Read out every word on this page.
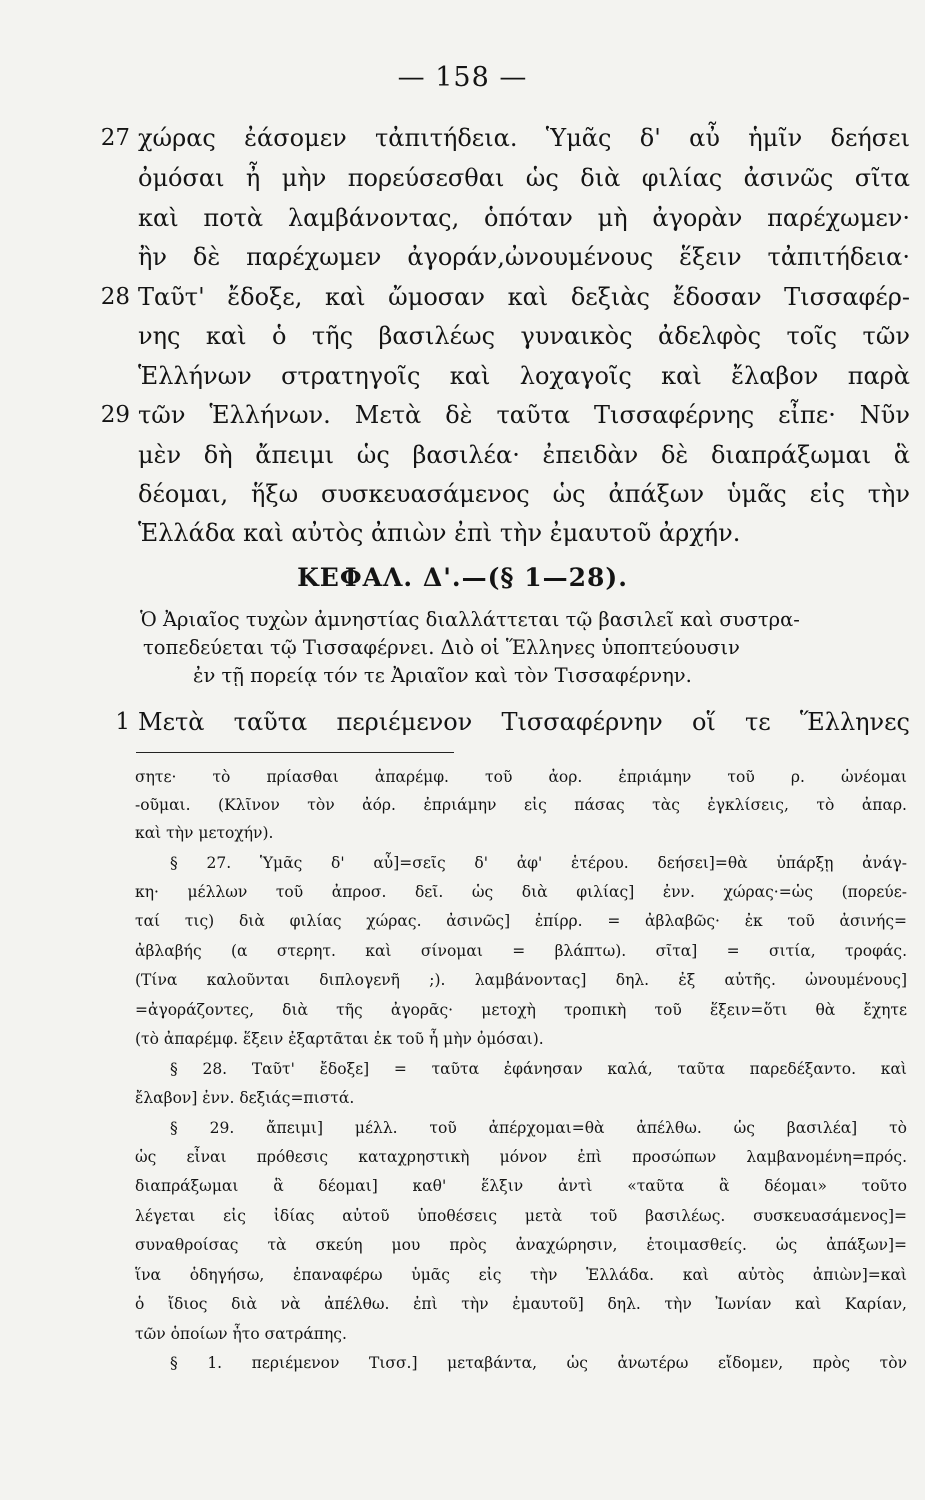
— 158 —
27 χώρας ἐάσομεν τἀπιτήδεια. Ὑμᾶς δ' αὖ ἡμῖν δεήσει
ὀμόσαι ἦ μὴν πορεύσεσθαι ὡς διὰ φιλίας ἀσινῶς σῖτα
καὶ ποτὰ λαμβάνοντας, ὁπόταν μὴ ἀγορὰν παρέχωμεν·
ἢν δὲ παρέχωμεν ἀγοράν,ὠνουμένους ἕξειν τἀπιτήδεια·
28 Ταῦτ' ἔδοξε, καὶ ὤμοσαν καὶ δεξιὰς ἔδοσαν Τισσαφέρ-
νης καὶ ὁ τῆς βασιλέως γυναικὸς ἀδελφὸς τοῖς τῶν
Ἑλλήνων στρατηγοῖς καὶ λοχαγοῖς καὶ ἔλαβον παρὰ
29 τῶν Ἑλλήνων. Μετὰ δὲ ταῦτα Τισσαφέρνης εἶπε· Νῦν
μὲν δὴ ἄπειμι ὡς βασιλέα· ἐπειδὰν δὲ διαπράξωμαι ἃ
δέομαι, ἥξω συσκευασάμενος ὡς ἀπάξων ὑμᾶς εἰς τὴν
Ἑλλάδα καὶ αὐτὸς ἀπιὼν ἐπὶ τὴν ἐμαυτοῦ ἀρχήν.
ΚΕΦΑΛ. Δ'.—(§ 1—28).
Ὁ Ἀριαῖος τυχὼν ἀμνηστίας διαλλάττεται τῷ βασιλεῖ καὶ συστρα-
τοπεδεύεται τῷ Τισσαφέρνει. Διὸ οἱ Ἕλληνες ὑποπτεύουσιν
ἐν τῇ πορείᾳ τόν τε Ἀριαῖον καὶ τὸν Τισσαφέρνην.
1 Μετὰ ταῦτα περιέμενον Τισσαφέρνην οἵ τε Ἕλληνες
σητε· τὸ πρίασθαι ἀπαρέμφ. τοῦ ἀορ. ἐπριάμην τοῦ ρ. ὠνέομαι
-οῦμαι. (Κλῖνον τὸν ἀόρ. ἐπριάμην εἰς πάσας τὰς ἐγκλίσεις, τὸ ἀπαρ.
καὶ τὴν μετοχήν).
§ 27. Ὑμᾶς δ' αὖ]=σεῖς δ' ἀφ' ἑτέρου. δεήσει]=θὰ ὑπάρξῃ ἀνάγ-
κη· μέλλων τοῦ ἀπροσ. δεῖ. ὡς διὰ φιλίας] ἐνν. χώρας·=ὡς (πορεύε-
ταί τις) διὰ φιλίας χώρας. ἀσινῶς] ἐπίρρ. = ἀβλαβῶς· ἐκ τοῦ ἀσινής=
ἀβλαβής (α στερητ. καὶ σίνομαι = βλάπτω). σῖτα] = σιτία, τροφάς.
(Τίνα καλοῦνται διπλογενῆ ;). λαμβάνοντας] δηλ. ἐξ αὐτῆς. ὠνουμένους]
=ἀγοράζοντες, διὰ τῆς ἀγορᾶς· μετοχὴ τροπικὴ τοῦ ἕξειν=ὅτι θὰ ἔχητε
(τὸ ἀπαρέμφ. ἕξειν ἐξαρτᾶται ἐκ τοῦ ἦ μὴν ὀμόσαι).
§ 28. Ταῦτ' ἔδοξε] = ταῦτα ἐφάνησαν καλά, ταῦτα παρεδέξαντο. καὶ
ἔλαβον] ἐνν. δεξιάς=πιστά.
§ 29. ἄπειμι] μέλλ. τοῦ ἀπέρχομαι=θὰ ἀπέλθω. ὡς βασιλέα] τὸ
ὡς εἶναι πρόθεσις καταχρηστικὴ μόνον ἐπὶ προσώπων λαμβανομένη=πρός.
διαπράξωμαι ἃ δέομαι] καθ' ἕλξιν ἀντὶ «ταῦτα ἃ δέομαι» τοῦτο
λέγεται εἰς ἰδίας αὐτοῦ ὑποθέσεις μετὰ τοῦ βασιλέως. συσκευασάμενος]=
συναθροίσας τὰ σκεύη μου πρὸς ἀναχώρησιν, ἑτοιμασθείς. ὡς ἀπάξων]=
ἵνα ὁδηγήσω, ἐπαναφέρω ὑμᾶς εἰς τὴν Ἑλλάδα. καὶ αὐτὸς ἀπιὼν]=καὶ
ὁ ἴδιος διὰ νὰ ἀπέλθω. ἐπὶ τὴν ἐμαυτοῦ] δηλ. τὴν Ἰωνίαν καὶ Καρίαν,
τῶν ὁποίων ἦτο σατράπης.
§ 1. περιέμενον Τισσ.] μεταβάντα, ὡς ἀνωτέρω εἴδομεν, πρὸς τὸν
